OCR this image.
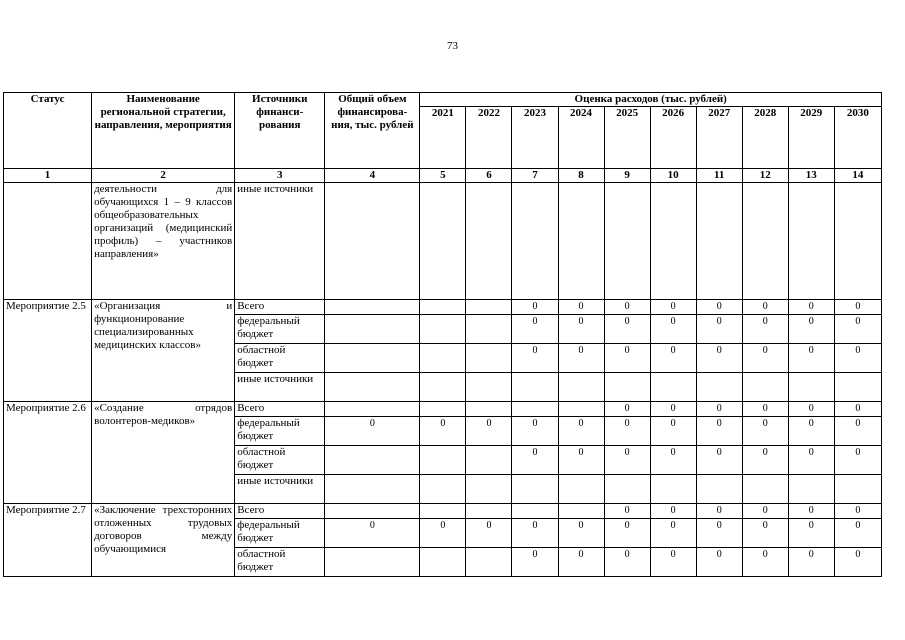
73
Статус	Наименование региональной стратегии, направления, мероприятия	Источники финанси-рования	Общий объем финансирова-ния, тыс. рублей	Оценка расходов (тыс. рублей)									
				2021	2022	2023	2024	2025	2026	2027	2028	2029	2030
1	2	3	4	5	6	7	8	9	10	11	12	13	14
	деятельности для обучающихся 1 – 9 классов общеобразовательных организаций (медицинский профиль) – участников направления»	иные источники											
Мероприятие 2.5	«Организация и функционирование специализированных медицинских классов»	Всего				0	0	0	0	0	0	0	0
		федеральный бюджет				0	0	0	0	0	0	0	0
		областной бюджет				0	0	0	0	0	0	0	0
		иные источники											
Мероприятие 2.6	«Создание отрядов волонтеров-медиков»	Всего						0	0	0	0	0	0
		федеральный бюджет	0	0	0	0	0	0	0	0	0	0	0
		областной бюджет				0	0	0	0	0	0	0	0
		иные источники											
Мероприятие 2.7	«Заключение трехсторонних отложенных трудовых договоров между обучающимися	Всего						0	0	0	0	0	0
		федеральный бюджет	0	0	0	0	0	0	0	0	0	0	0
		областной бюджет				0	0	0	0	0	0	0	0
